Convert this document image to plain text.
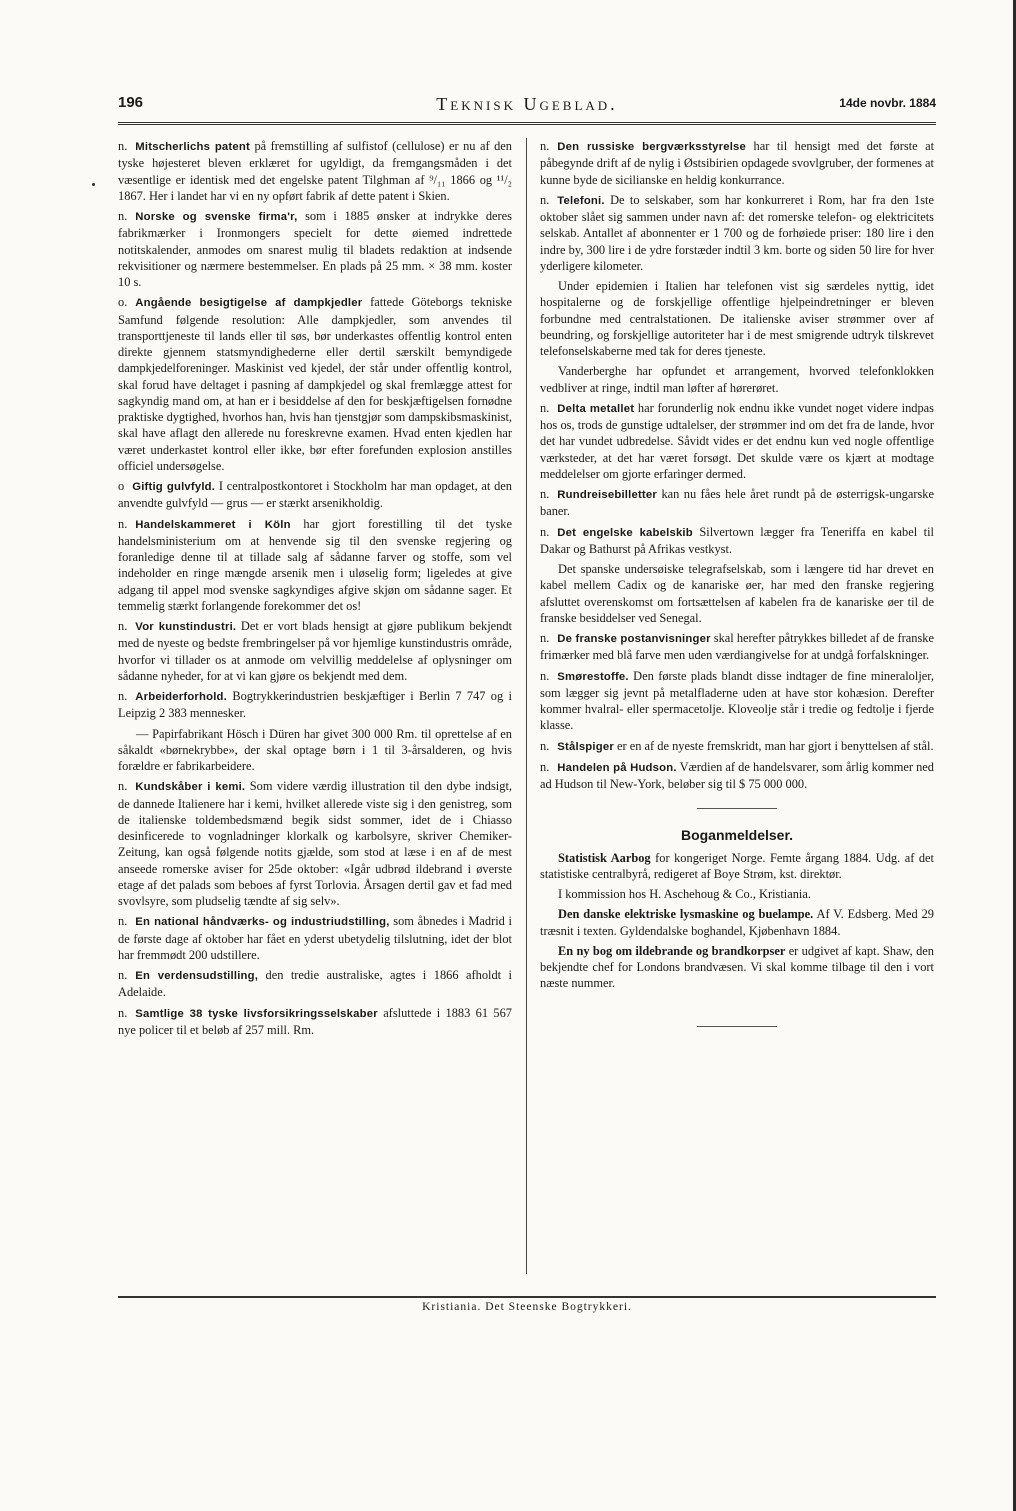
196	Teknisk Ugeblad.	14de novbr. 1884

n. Mitscherlichs patent på fremstilling af sulfistof (cellulose) er nu af den tyske højesteret bleven erklæret for ugyldigt, da fremgangsmåden i det væsentlige er identisk med det engelske patent Tilghman af ⁹/₁₁ 1866 og ¹¹/₂ 1867. Her i landet har vi en ny opført fabrik af dette patent i Skien.

n. Norske og svenske firma'r, som i 1885 ønsker at indrykke deres fabrikmærker i Ironmongers specielt for dette øiemed indrettede notitskalender, anmodes om snarest mulig til bladets redaktion at indsende rekvisitioner og nærmere bestemmelser. En plads på 25 mm. × 38 mm. koster 10 s.

o. Angående besigtigelse af dampkjedler fattede Göteborgs tekniske Samfund følgende resolution: Alle dampkjedler, som anvendes til transporttjeneste til lands eller til søs, bør underkastes offentlig kontrol enten direkte gjennem statsmyndighederne eller dertil særskilt bemyndigede dampkjedelforeninger. Maskinist ved kjedel, der står under offentlig kontrol, skal forud have deltaget i pasning af dampkjedel og skal fremlægge attest for sagkyndig mand om, at han er i besiddelse af den for beskjæftigelsen fornødne praktiske dygtighed, hvorhos han, hvis han tjenstgjør som dampskibsmaskinist, skal have aflagt den allerede nu foreskrevne examen. Hvad enten kjedlen har været underkastet kontrol eller ikke, bør efter forefunden explosion anstilles officiel undersøgelse.

o Giftig gulvfyld. I centralpostkontoret i Stockholm har man opdaget, at den anvendte gulvfyld — grus — er stærkt arsenikholdig.

n. Handelskammeret i Köln har gjort forestilling til det tyske handelsministerium om at henvende sig til den svenske regjering og foranledige denne til at tillade salg af sådanne farver og stoffe, som vel indeholder en ringe mængde arsenik men i uløselig form; ligeledes at give adgang til appel mod svenske sagkyndiges afgive skjøn om sådanne sager. Et temmelig stærkt forlangende forekommer det os!

n. Vor kunstindustri. Det er vort blads hensigt at gjøre publikum bekjendt med de nyeste og bedste frembringelser på vor hjemlige kunstindustris område, hvorfor vi tillader os at anmode om velvillig meddelelse af oplysninger om sådanne nyheder, for at vi kan gjøre os bekjendt med dem.

n. Arbeiderforhold. Bogtrykkerindustrien beskjæftiger i Berlin 7 747 og i Leipzig 2 383 mennesker.

— Papirfabrikant Hösch i Düren har givet 300 000 Rm. til oprettelse af en såkaldt «børnekrybbe», der skal optage børn i 1 til 3-årsalderen, og hvis forældre er fabrikarbeidere.

n. Kundskåber i kemi. Som videre værdig illustration til den dybe indsigt, de dannede Italienere har i kemi, hvilket allerede viste sig i den genistreg, som de italienske toldembedsmænd begik sidst sommer, idet de i Chiasso desinficerede to vognladninger klorkalk og karbolsyre, skriver Chemiker-Zeitung, kan også følgende notits gjælde, som stod at læse i en af de mest anseede romerske aviser for 25de oktober: «Igår udbrød ildebrand i øverste etage af det palads som beboes af fyrst Torlovia. Årsagen dertil gav et fad med svovlsyre, som pludselig tændte af sig selv».

n. En national håndværks- og industriudstilling, som åbnedes i Madrid i de første dage af oktober har fået en yderst ubetydelig tilslutning, idet der blot har fremmødt 200 udstillere.

n. En verdensudstilling, den tredie australiske, agtes i 1866 afholdt i Adelaide.

n. Samtlige 38 tyske livsforsikringsselskaber afsluttede i 1883 61 567 nye policer til et beløb af 257 mill. Rm.

n. Den russiske bergværksstyrelse har til hensigt med det første at påbegynde drift af de nylig i Østsibirien opdagede svovlgruber, der formenes at kunne byde de sicilianske en heldig konkurrance.

n. Telefoni. De to selskaber, som har konkurreret i Rom, har fra den 1ste oktober slået sig sammen under navn af: det romerske telefon- og elektricitets selskab. Antallet af abonnenter er 1 700 og de forhøiede priser: 180 lire i den indre by, 300 lire i de ydre forstæder indtil 3 km. borte og siden 50 lire for hver yderligere kilometer.

Under epidemien i Italien har telefonen vist sig særdeles nyttig, idet hospitalerne og de forskjellige offentlige hjelpeindretninger er bleven forbundne med centralstationen. De italienske aviser strømmer over af beundring, og forskjellige autoriteter har i de mest smigrende udtryk tilskrevet telefonselskaberne med tak for deres tjeneste.

Vanderberghe har opfundet et arrangement, hvorved telefonklokken vedbliver at ringe, indtil man løfter af hørerøret.

n. Delta metallet har forunderlig nok endnu ikke vundet noget videre indpas hos os, trods de gunstige udtalelser, der strømmer ind om det fra de lande, hvor det har vundet udbredelse. Såvidt vides er det endnu kun ved nogle offentlige værksteder, at det har været forsøgt. Det skulde være os kjært at modtage meddelelser om gjorte erfaringer dermed.

n. Rundreisebilletter kan nu fåes hele året rundt på de østerrigsk-ungarske baner.

n. Det engelske kabelskib Silvertown lægger fra Teneriffa en kabel til Dakar og Bathurst på Afrikas vestkyst.

Det spanske undersøiske telegrafselskab, som i længere tid har drevet en kabel mellem Cadix og de kanariske øer, har med den franske regjering afsluttet overenskomst om fortsættelsen af kabelen fra de kanariske øer til de franske besiddelser ved Senegal.

n. De franske postanvisninger skal herefter påtrykkes billedet af de franske frimærker med blå farve men uden værdiangivelse for at undgå forfalskninger.

n. Smørestoffe. Den første plads blandt disse indtager de fine mineraloljer, som lægger sig jevnt på metalfladerne uden at have stor kohæsion. Derefter kommer hvalral- eller spermacetolje. Kloveolje står i tredie og fedtolje i fjerde klasse.

n. Stålspiger er en af de nyeste fremskridt, man har gjort i benyttelsen af stål.

n. Handelen på Hudson. Værdien af de handelsvarer, som årlig kommer ned ad Hudson til New-York, beløber sig til $ 75 000 000.

Boganmeldelser.

Statistisk Aarbog for kongeriget Norge. Femte årgang 1884. Udg. af det statistiske centralbyrå, redigeret af Boye Strøm, kst. direktør.

I kommission hos H. Aschehoug & Co., Kristiania.

Den danske elektriske lysmaskine og buelampe. Af V. Edsberg. Med 29 træsnit i texten. Gyldendalske boghandel, Kjøbenhavn 1884.

En ny bog om ildebrande og brandkorpser er udgivet af kapt. Shaw, den bekjendte chef for Londons brandvæsen. Vi skal komme tilbage til den i vort næste nummer.

Kristiania. Det Steenske Bogtrykkeri.
